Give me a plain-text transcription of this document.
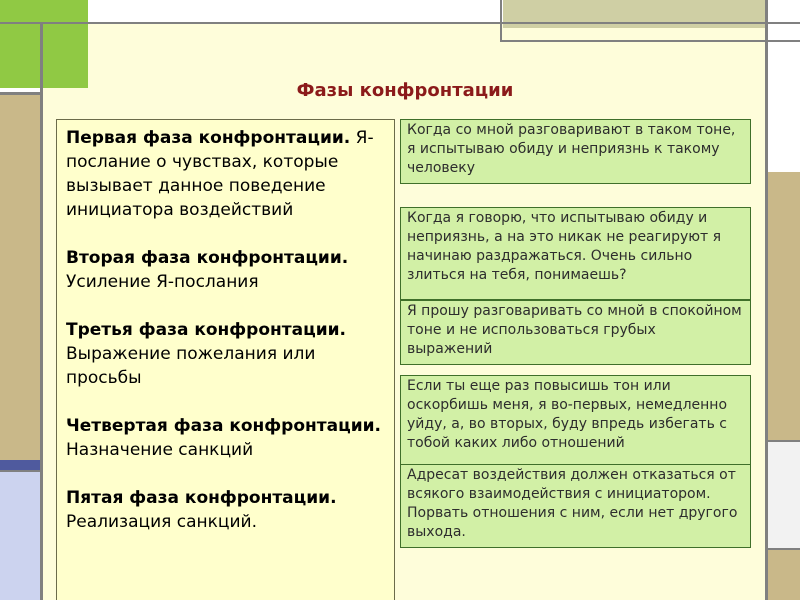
Фазы конфронтации
Первая фаза конфронтации. Я-послание о чувствах, которые вызывает данное поведение инициатора воздействий
Вторая фаза конфронтации. Усиление Я-послания
Третья фаза конфронтации. Выражение пожелания или просьбы
Четвертая фаза конфронтации. Назначение санкций
Пятая фаза конфронтации. Реализация санкций.
Когда со мной разговаривают в таком тоне, я испытываю обиду и неприязнь к такому человеку
Когда я говорю, что испытываю обиду и неприязнь, а на это никак не реагируют я начинаю раздражаться. Очень сильно злиться на тебя, понимаешь?
Я прошу разговаривать со мной в спокойном тоне и не использоваться грубых выражений
Если ты еще раз повысишь тон или оскорбишь меня, я во-первых, немедленно уйду, а, во вторых, буду впредь избегать с тобой каких либо отношений
Адресат воздействия должен отказаться от всякого взаимодействия с инициатором. Порвать отношения с ним, если нет другого выхода.
